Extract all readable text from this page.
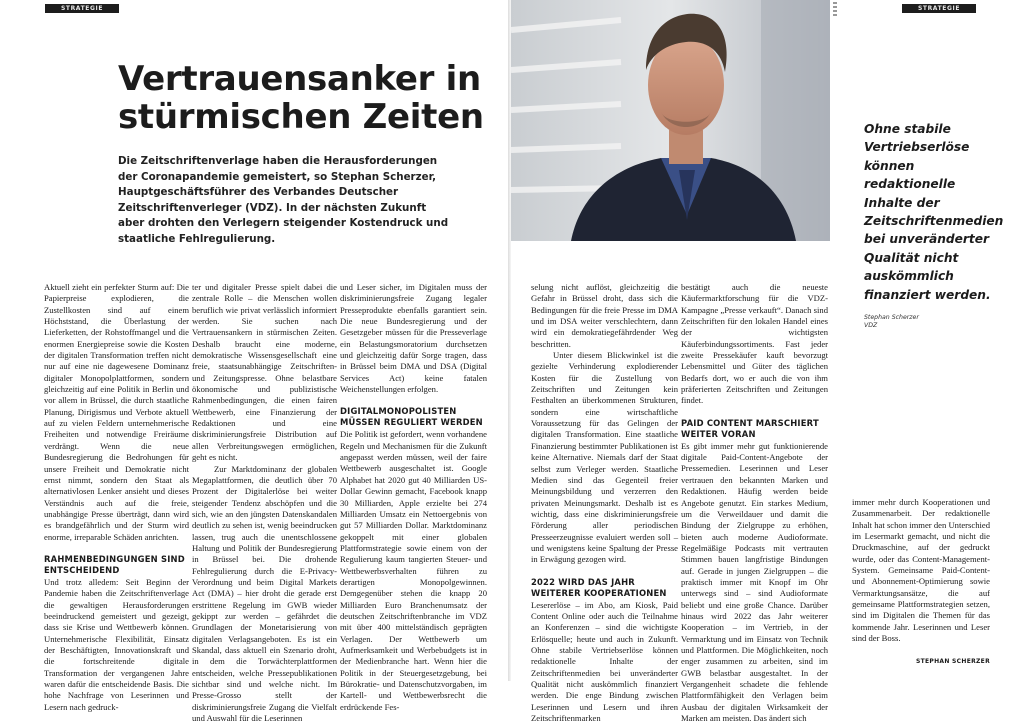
STRATEGIE
Vertrauensanker in stürmischen Zeiten
Die Zeitschriftenverlage haben die Herausforderungen der Coronapandemie gemeistert, so Stephan Scherzer, Hauptgeschäftsführer des Verbandes Deutscher Zeitschriftenverleger (VDZ). In der nächsten Zukunft aber drohten den Verlegern steigender Kostendruck und staatliche Fehlregulierung.

Aktuell zieht ein perfekter Sturm auf: Die Papierpreise explodieren, die Zustellkosten sind auf einem Höchststand, die Überlastung der Lieferketten, der Rohstoffmangel und die enormen Energiepreise sowie die Kosten der digitalen Transformation treffen nicht nur auf eine nie dagewesene Dominanz digitaler Monopolplattformen, sondern gleichzeitig auf eine Politik in Berlin und vor allem in Brüssel, die durch staatliche Planung, Dirigismus und Verbote aktuell auf zu vielen Feldern unternehmerische Freiheiten und notwendige Freiräume verdrängt. Wenn die neue Bundesregierung die Bedrohungen für unsere Freiheit und Demokratie nicht ernst nimmt, sondern den Staat als alternativlosen Lenker ansieht und dieses Verständnis auch auf die freie, unabhängige Presse überträgt, dann wird es brandgefährlich und der Sturm wird enorme, irreparable Schäden anrichten.

RAHMENBEDINGUNGEN SIND ENTSCHEIDEND

Und trotz alledem: Seit Beginn der Pandemie haben die Zeitschriftenverlage die gewaltigen Herausforderungen beeindruckend gemeistert und gezeigt, dass sie Krise und Wettbewerb können. Unternehmerische Flexibilität, Einsatz der Beschäftigten, Innovationskraft und die fortschreitende digitale Transformation der vergangenen Jahre waren dafür die entscheidende Basis. Die hohe Nachfrage von Leserinnen und Lesern nach gedruck-

ter und digitaler Presse spielt dabei die zentrale Rolle – die Menschen wollen beruflich wie privat verlässlich informiert werden. Sie suchen nach Vertrauensankern in stürmischen Zeiten. Deshalb braucht eine moderne, demokratische Wissensgesellschaft eine freie, staatsunabhängige Zeitschriften- und Zeitungspresse. Ohne belastbare ökonomische und publizistische Rahmenbedingungen, die einen fairen Wettbewerb, eine Finanzierung der Redaktionen und eine diskriminierungsfreie Distribution auf allen Verbreitungswegen ermöglichen, geht es nicht.

Zur Marktdominanz der globalen Megaplattformen, die deutlich über 70 Prozent der Digitalerlöse bei weiter steigender Tendenz abschöpfen und die sich, wie an den jüngsten Datenskandalen deutlich zu sehen ist, wenig beeindrucken lassen, trug auch die unentschlossene Haltung und Politik der Bundesregierung in Brüssel bei. Die drohende Fehlregulierung durch die E-Privacy-Verordnung und beim Digital Markets Act (DMA) – hier droht die gerade erst erstrittene Regelung im GWB wieder gekippt zur werden – gefährdet die Grundlagen der Monetarisierung von digitalen Verlagsangeboten. Es ist ein Skandal, dass aktuell ein Szenario droht, in dem die Torwächterplattformen entscheiden, welche Pressepublikationen sichtbar sind und welche nicht. Im Presse-Grosso stellt der diskriminierungsfreie Zugang die Vielfalt und Auswahl für die Leserinnen

und Leser sicher, im Digitalen muss der diskriminierungsfreie Zugang legaler Presseprodukte ebenfalls garantiert sein. Die neue Bundesregierung und der Gesetzgeber müssen für die Presseverlage ein Belastungsmoratorium durchsetzen und gleichzeitig dafür Sorge tragen, dass in Brüssel beim DMA und DSA (Digital Services Act) keine fatalen Weichenstellungen erfolgen.

DIGITALMONOPOLISTEN MÜSSEN REGULIERT WERDEN

Die Politik ist gefordert, wenn vorhandene Regeln und Mechanismen für die Zukunft angepasst werden müssen, weil der faire Wettbewerb ausgeschaltet ist. Google Alphabet hat 2020 gut 40 Milliarden US-Dollar Gewinn gemacht, Facebook knapp 30 Milliarden, Apple erzielte bei 274 Milliarden Umsatz ein Nettoergebnis von gut 57 Milliarden Dollar. Marktdominanz gekoppelt mit einer globalen Plattformstrategie sowie einem von der Regulierung kaum tangierten Steuer- und Wettbewerbsverhalten führen zu derartigen Monopolgewinnen. Demgegenüber stehen die knapp 20 Milliarden Euro Branchenumsatz der deutschen Zeitschriftenbranche im VDZ mit über 400 mittelständisch geprägten Verlagen. Der Wettbewerb um Aufmerksamkeit und Werbebudgets ist in der Medienbranche hart. Wenn hier die Politik in der Steuergesetzgebung, bei Bürokratie- und Datenschutzvorgaben, im Kartell- und Wettbewerbsrecht die erdrückende Fes-

STRATEGIE
Ohne stabile Vertriebserlöse können redaktionelle Inhalte der Zeitschriftenmedien bei unveränderter Qualität nicht auskömmlich finanziert werden.
Stephan Scherzer
VDZ

selung nicht auflöst, gleichzeitig die Gefahr in Brüssel droht, dass sich die Bedingungen für die freie Presse im DMA und im DSA weiter verschlechtern, dann wird ein demokratiegefährdender Weg beschritten.

Unter diesem Blickwinkel ist die gezielte Verhinderung explodierender Kosten für die Zustellung von Zeitschriften und Zeitungen kein Festhalten an überkommenen Strukturen, sondern eine wirtschaftliche Voraussetzung für das Gelingen der digitalen Transformation. Eine staatliche Finanzierung bestimmter Publikationen ist keine Alternative. Niemals darf der Staat selbst zum Verleger werden. Staatliche Medien sind das Gegenteil freier Meinungsbildung und verzerren den privaten Meinungsmarkt. Deshalb ist es wichtig, dass eine diskriminierungsfreie Förderung aller periodischen Presseerzeugnisse evaluiert werden soll – und wenigstens keine Spaltung der Presse in Erwägung gezogen wird.

2022 WIRD DAS JAHR WEITERER KOOPERATIONEN

Lesererlöse – im Abo, am Kiosk, Paid Content Online oder auch die Teilnahme an Konferenzen – sind die wichtigste Erlösquelle; heute und auch in Zukunft. Ohne stabile Vertriebserlöse können redaktionelle Inhalte der Zeitschriftenmedien bei unveränderter Qualität nicht auskömmlich finanziert werden. Die enge Bindung zwischen Leserinnen und Lesern und ihren Zeitschriftenmarken

bestätigt auch die neueste Käufermarktforschung für die VDZ-Kampagne „Presse verkauft“. Danach sind Zeitschriften für den lokalen Handel eines der wichtigsten Käuferbindungssortiments. Fast jeder zweite Pressekäufer kauft bevorzugt Lebensmittel und Güter des täglichen Bedarfs dort, wo er auch die von ihm präferierten Zeitschriften und Zeitungen findet.

PAID CONTENT MARSCHIERT WEITER VORAN

Es gibt immer mehr gut funktionierende digitale Paid-Content-Angebote der Pressemedien. Leserinnen und Leser vertrauen den bekannten Marken und Redaktionen. Häufig werden beide Angebote genutzt. Ein starkes Medium, um die Verweildauer und damit die Bindung der Zielgruppe zu erhöhen, bieten auch moderne Audioformate. Regelmäßige Podcasts mit vertrauten Stimmen bauen langfristige Bindungen auf. Gerade in jungen Zielgruppen – die praktisch immer mit Knopf im Ohr unterwegs sind – sind Audioformate beliebt und eine große Chance. Darüber hinaus wird 2022 das Jahr weiterer Kooperation – im Vertrieb, in der Vermarktung und im Einsatz von Technik und Plattformen. Die Möglichkeiten, noch enger zusammen zu arbeiten, sind im GWB belastbar ausgestaltet. In der Vergangenheit schadete die fehlende Plattformfähigkeit den Verlagen beim Ausbau der digitalen Wirksamkeit der Marken am meisten. Das ändert sich

immer mehr durch Kooperationen und Zusammenarbeit. Der redaktionelle Inhalt hat schon immer den Unterschied im Lesermarkt gemacht, und nicht die Druckmaschine, auf der gedruckt wurde, oder das Content-Management-System. Gemeinsame Paid-Content- und Abonnement-Optimierung sowie Vermarktungsansätze, die auf gemeinsame Plattformstrategien setzen, sind im Digitalen die Themen für das kommende Jahr. Leserinnen und Leser sind der Boss.

STEPHAN SCHERZER
